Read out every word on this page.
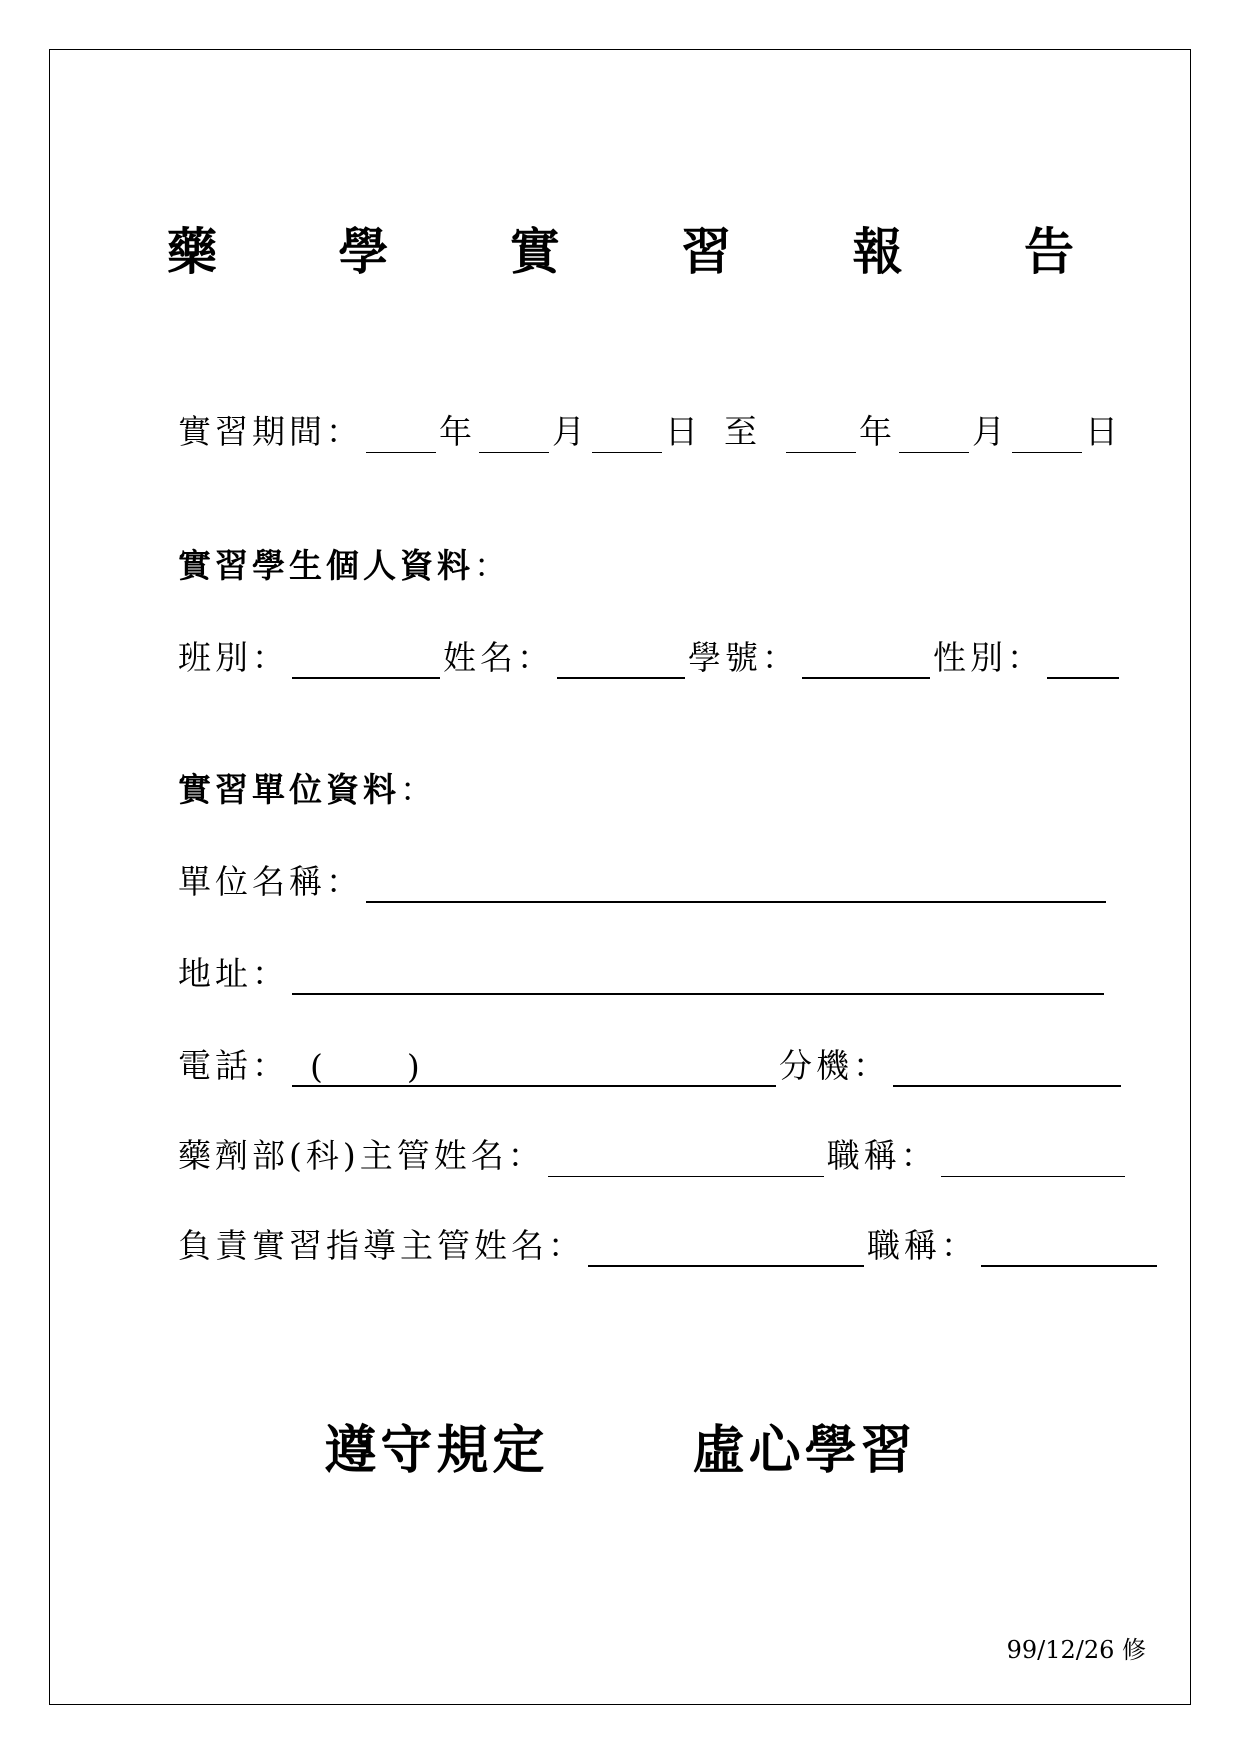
藥 學 實 習 報 告
實習期間： 年 月 日 至	年 月 日
實習學生個人資料 ：
班別：	姓名：	學號：	性別：
實習單位資料 ：
單位名稱：
地址：
電話： ( )	分機：
藥劑部(科)主管姓名：	職稱：
負責實習指導主管姓名：	職稱：
遵守規定	虛心學習
99/12/26 修
